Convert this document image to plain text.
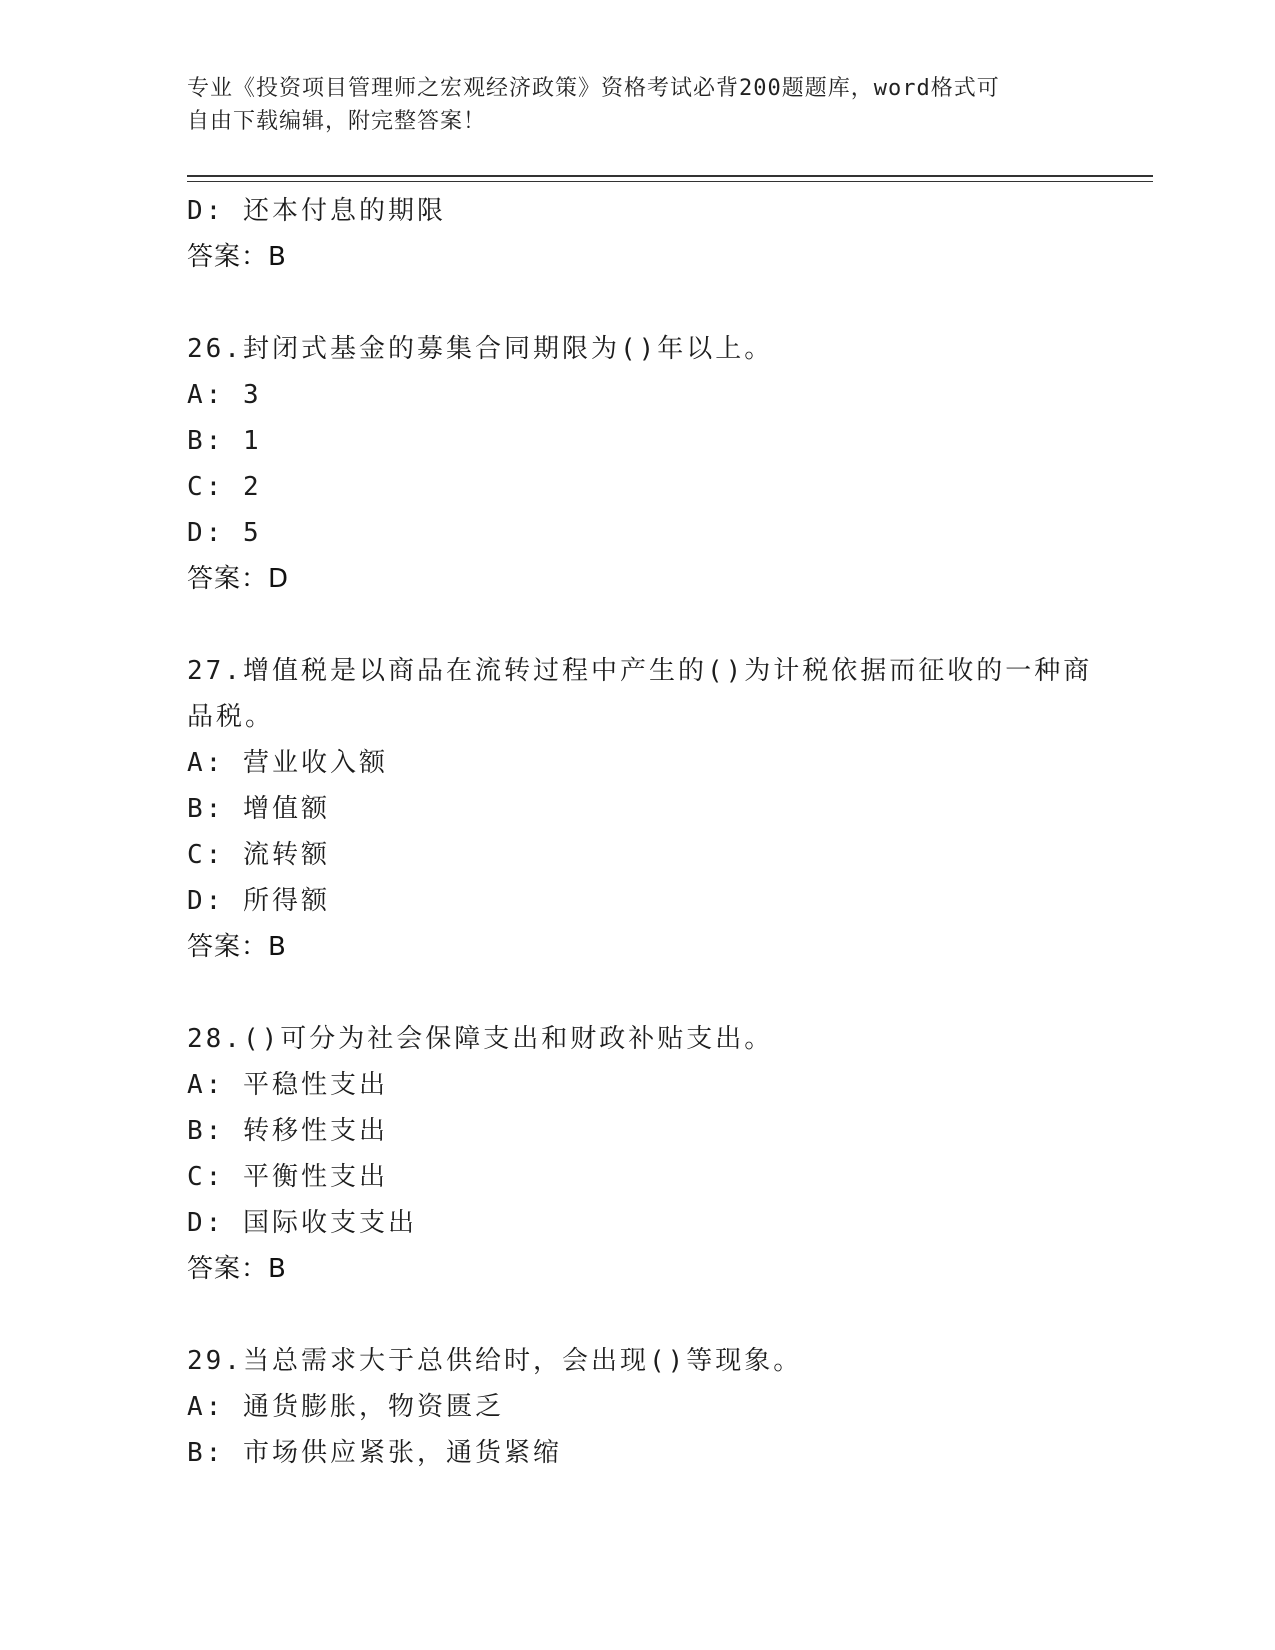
专业《投资项目管理师之宏观经济政策》资格考试必背200题题库，word格式可
自由下载编辑，附完整答案！
D: 还本付息的期限
答案：B
26.封闭式基金的募集合同期限为()年以上。
A: 3
B: 1
C: 2
D: 5
答案：D
27.增值税是以商品在流转过程中产生的()为计税依据而征收的一种商
品税。
A: 营业收入额
B: 增值额
C: 流转额
D: 所得额
答案：B
28.()可分为社会保障支出和财政补贴支出。
A: 平稳性支出
B: 转移性支出
C: 平衡性支出
D: 国际收支支出
答案：B
29.当总需求大于总供给时，会出现()等现象。
A: 通货膨胀，物资匮乏
B: 市场供应紧张，通货紧缩
